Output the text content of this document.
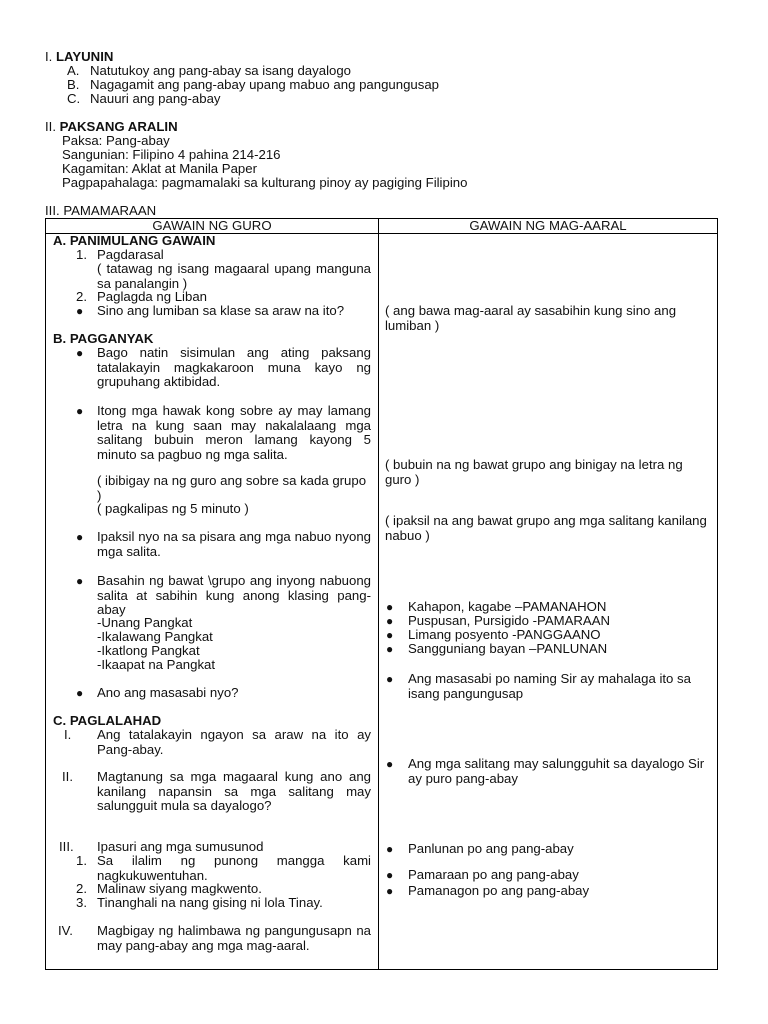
I. LAYUNIN
A. Natutukoy ang pang-abay sa isang dayalogo
B. Nagagamit ang pang-abay upang mabuo ang pangungusap
C. Nauuri ang pang-abay
II. PAKSANG ARALIN
Paksa: Pang-abay
Sangunian: Filipino 4 pahina 214-216
Kagamitan: Aklat at Manila Paper
Pagpapahalaga: pagmamalaki sa kulturang pinoy ay pagiging Filipino
III. PAMAMARAAN
GAWAIN NG GURO	GAWAIN NG MAG-AARAL
A. PANIMULANG GAWAIN
1. Pagdarasal
( tatawag ng isang magaaral upang manguna sa panalangin )
2. Paglagda ng Liban
● Sino ang lumiban sa klase sa araw na ito?	( ang bawa mag-aaral ay sasabihin kung sino ang lumiban )
B. PAGGANYAK
● Bago natin sisimulan ang ating paksang tatalakayin magkakaroon muna kayo ng grupuhang aktibidad.
● Itong mga hawak kong sobre ay may lamang letra na kung saan may nakalalaang mga salitang bubuin meron lamang kayong 5 minuto sa pagbuo ng mga salita.
( ibibigay na ng guro ang sobre sa kada grupo )
( pagkalipas ng 5 minuto )
( bubuin na ng bawat grupo ang binigay na letra ng guro )
( ipaksil na ang bawat grupo ang mga salitang kanilang nabuo )
● Ipaksil nyo na sa pisara ang mga nabuo nyong mga salita.
● Basahin ng bawat \grupo ang inyong nabuong salita at sabihin kung anong klasing pang-abay
-Unang Pangkat
-Ikalawang Pangkat
-Ikatlong Pangkat
-Ikaapat na Pangkat
● Kahapon, kagabe –PAMANAHON
● Puspusan, Pursigido -PAMARAAN
● Limang posyento -PANGGAANO
● Sangguniang bayan –PANLUNAN
● Ang masasabi po naming Sir ay mahalaga ito sa isang pangungusap
● Ano ang masasabi nyo?
C. PAGLALAHAD
I. Ang tatalakayin ngayon sa araw na ito ay Pang-abay.
II. Magtanung sa mga magaaral kung ano ang kanilang napansin sa mga salitang may salungguit mula sa dayalogo?
● Ang mga salitang may salungguhit sa dayalogo Sir ay puro pang-abay
III. Ipasuri ang mga sumusunod
1. Sa ilalim ng punong mangga kami nagkukuwentuhan.
2. Malinaw siyang magkwento.
3. Tinanghali na nang gising ni lola Tinay.
● Panlunan po ang pang-abay
● Pamaraan po ang pang-abay
● Pamanagon po ang pang-abay
IV. Magbigay ng halimbawa ng pangungusapn na may pang-abay ang mga mag-aaral.
